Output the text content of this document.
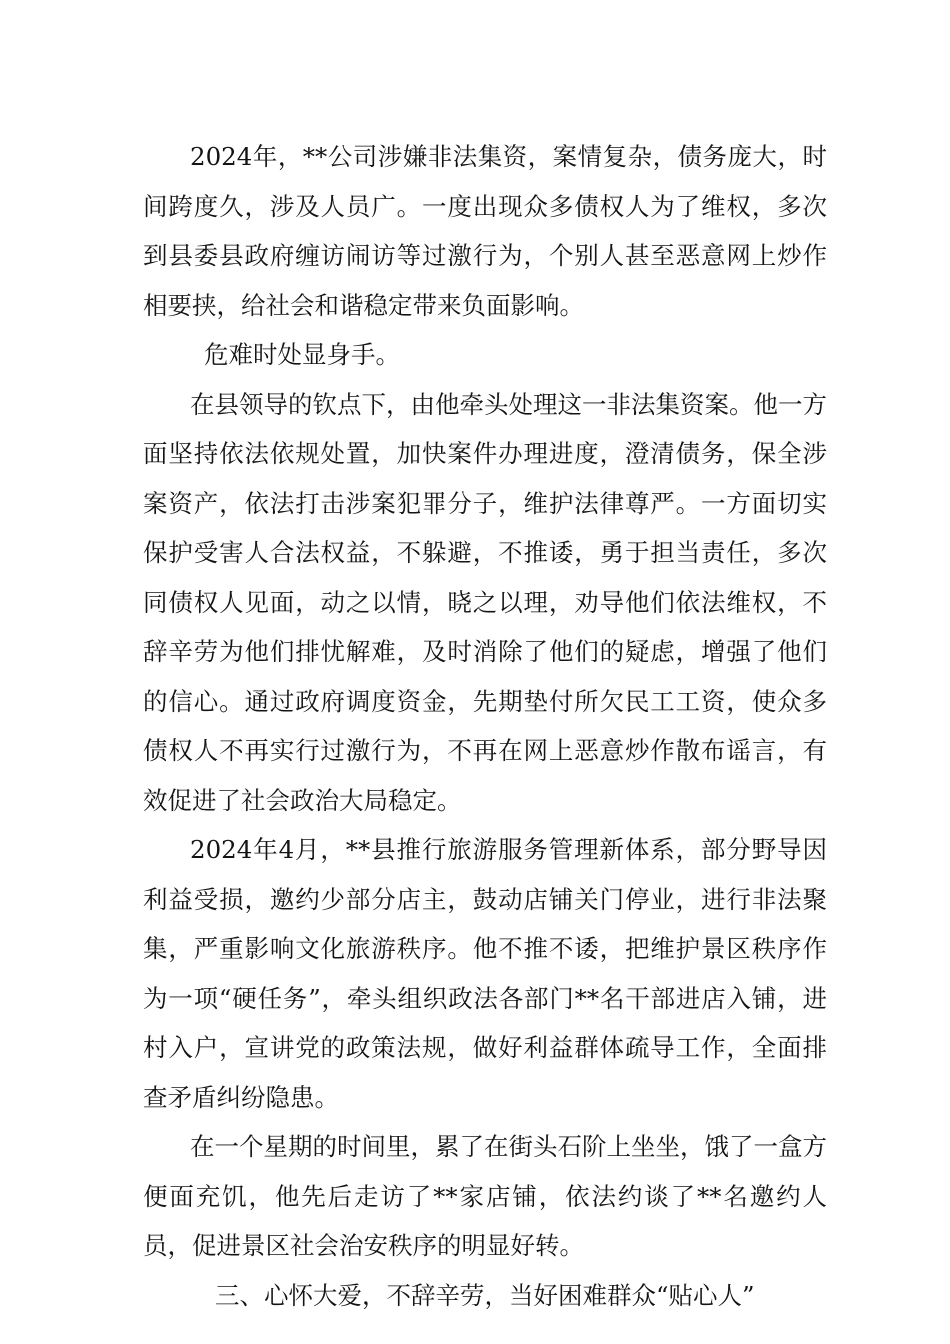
2024年，**公司涉嫌非法集资，案情复杂，债务庞大，时间跨度久，涉及人员广。一度出现众多债权人为了维权，多次到县委县政府缠访闹访等过激行为，个别人甚至恶意网上炒作相要挟，给社会和谐稳定带来负面影响。

危难时处显身手。

在县领导的钦点下，由他牵头处理这一非法集资案。他一方面坚持依法依规处置，加快案件办理进度，澄清债务，保全涉案资产，依法打击涉案犯罪分子，维护法律尊严。一方面切实保护受害人合法权益，不躲避，不推诿，勇于担当责任，多次同债权人见面，动之以情，晓之以理，劝导他们依法维权，不辞辛劳为他们排忧解难，及时消除了他们的疑虑，增强了他们的信心。通过政府调度资金，先期垫付所欠民工工资，使众多债权人不再实行过激行为，不再在网上恶意炒作散布谣言，有效促进了社会政治大局稳定。

2024年4月，**县推行旅游服务管理新体系，部分野导因利益受损，邀约少部分店主，鼓动店铺关门停业，进行非法聚集，严重影响文化旅游秩序。他不推不诿，把维护景区秩序作为一项“硬任务”，牵头组织政法各部门**名干部进店入铺，进村入户，宣讲党的政策法规，做好利益群体疏导工作，全面排查矛盾纠纷隐患。

在一个星期的时间里，累了在街头石阶上坐坐，饿了一盒方便面充饥，他先后走访了**家店铺，依法约谈了**名邀约人员，促进景区社会治安秩序的明显好转。

三、心怀大爱，不辞辛劳，当好困难群众“贴心人”
